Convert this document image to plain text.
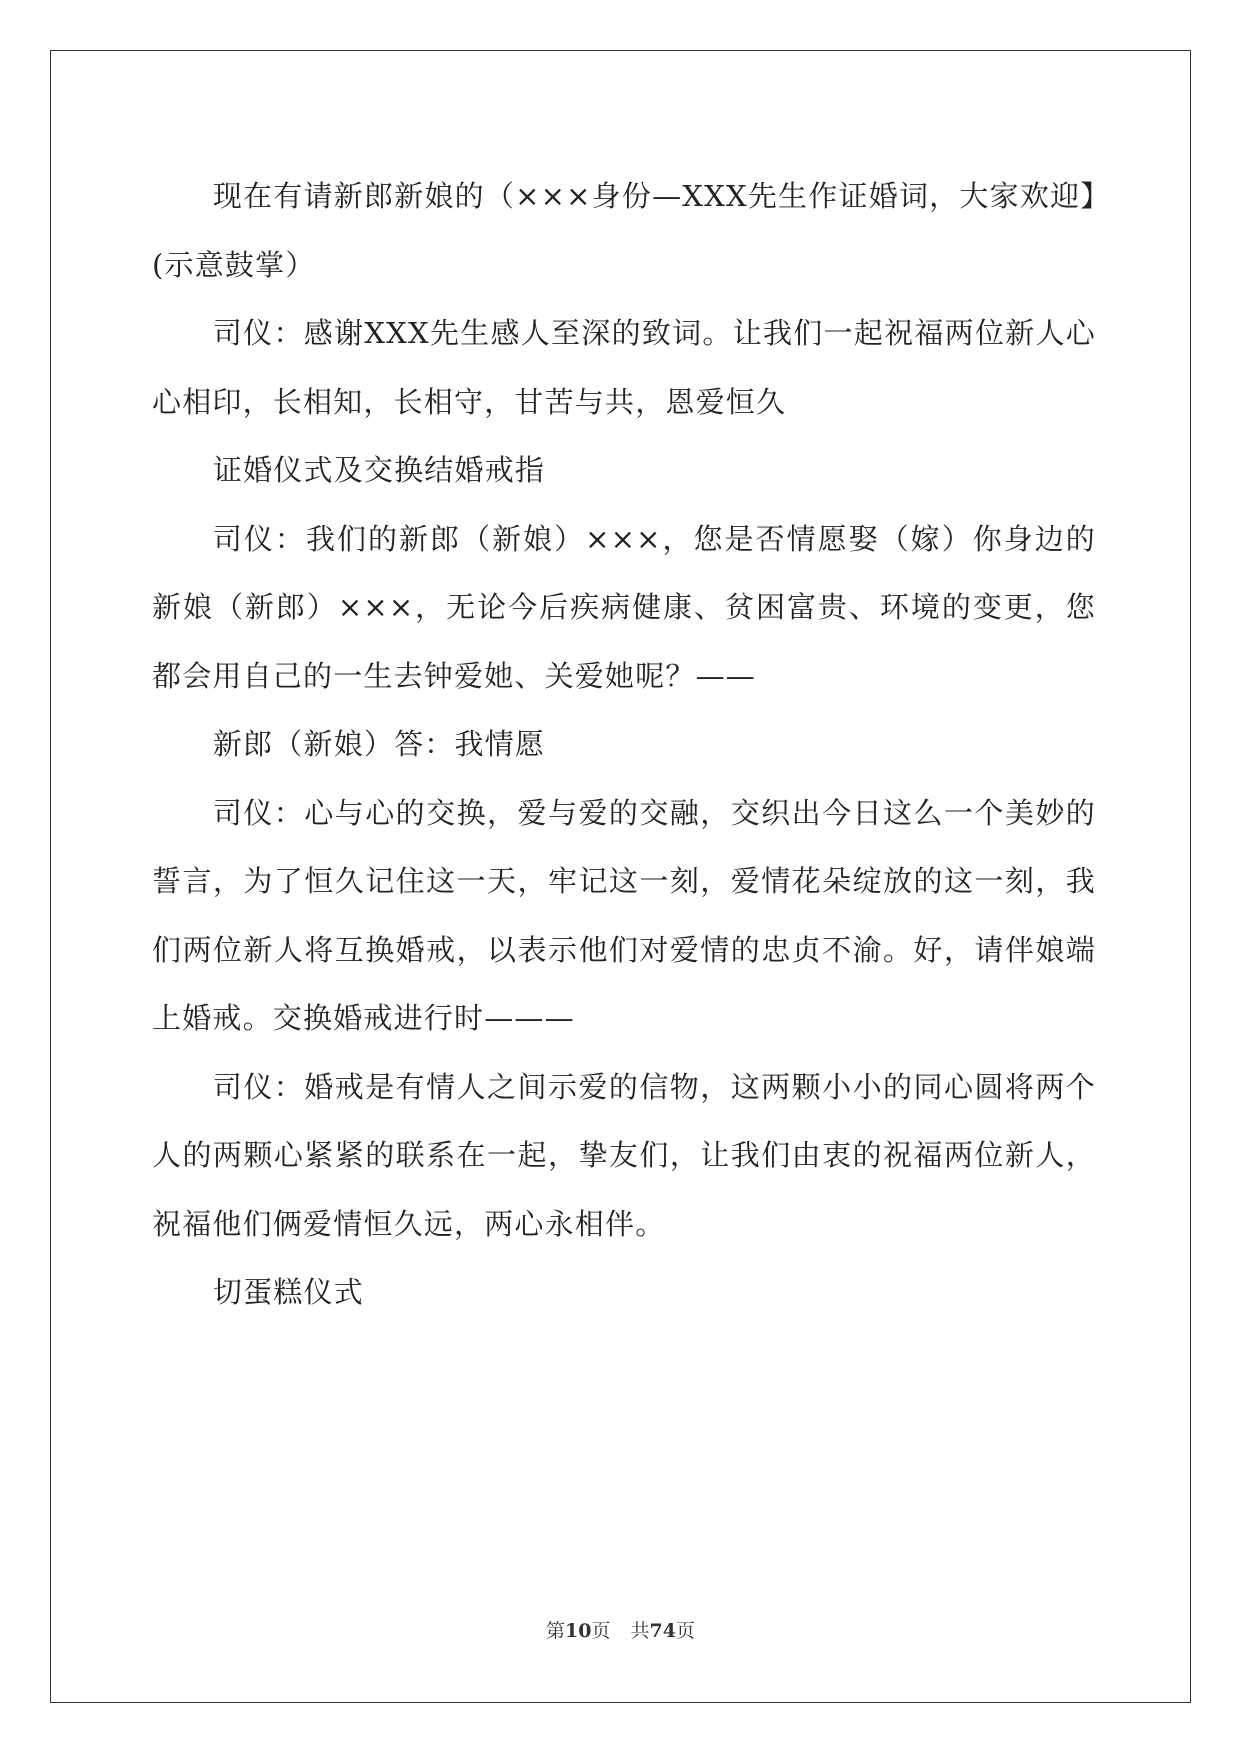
现在有请新郎新娘的（×××身份—XXX先生作证婚词，大家欢迎】(示意鼓掌）

司仪：感谢XXX先生感人至深的致词。让我们一起祝福两位新人心心相印，长相知，长相守，甘苦与共，恩爱恒久

证婚仪式及交换结婚戒指

司仪：我们的新郎（新娘）×××，您是否情愿娶（嫁）你身边的新娘（新郎）×××，无论今后疾病健康、贫困富贵、环境的变更，您都会用自己的一生去钟爱她、关爱她呢？——

新郎（新娘）答：我情愿

司仪：心与心的交换，爱与爱的交融，交织出今日这么一个美妙的誓言，为了恒久记住这一天，牢记这一刻，爱情花朵绽放的这一刻，我们两位新人将互换婚戒，以表示他们对爱情的忠贞不渝。好，请伴娘端上婚戒。交换婚戒进行时———

司仪：婚戒是有情人之间示爱的信物，这两颗小小的同心圆将两个人的两颗心紧紧的联系在一起，挚友们，让我们由衷的祝福两位新人，祝福他们俩爱情恒久远，两心永相伴。

切蛋糕仪式

第10页 共74页
